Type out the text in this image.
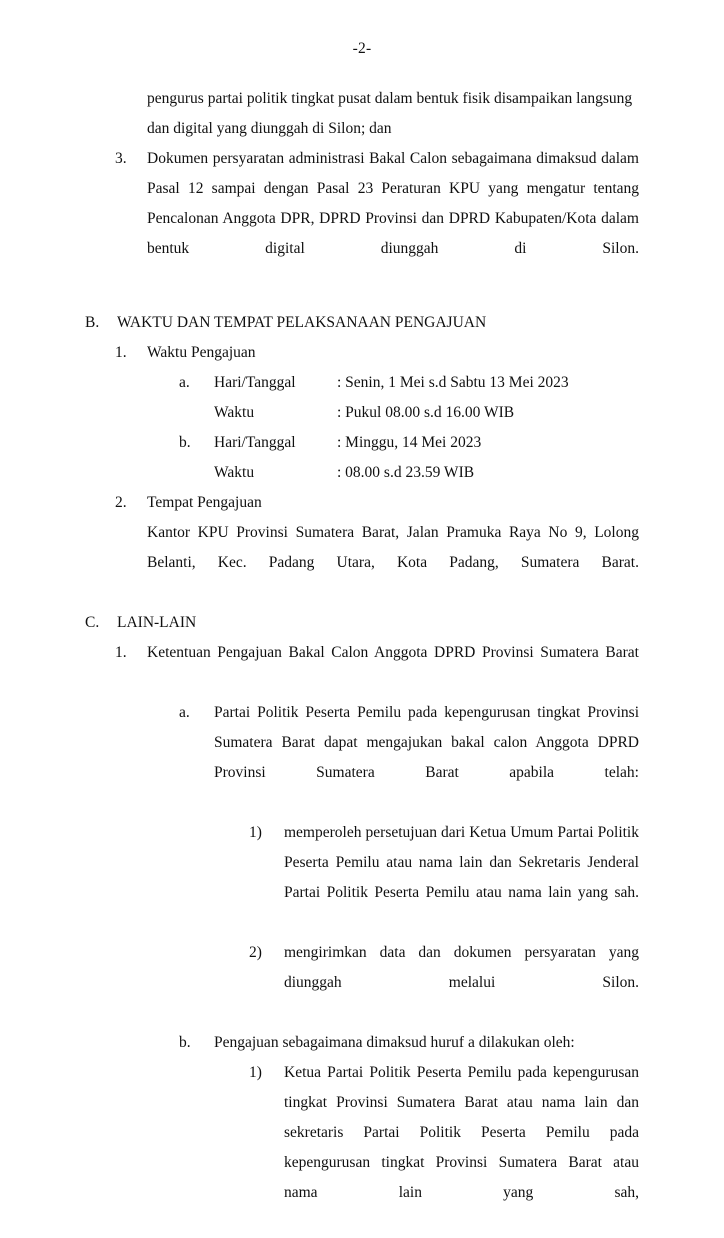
-2-

pengurus partai politik tingkat pusat dalam bentuk fisik disampaikan langsung dan digital yang diunggah di Silon; dan

3.	Dokumen persyaratan administrasi Bakal Calon sebagaimana dimaksud dalam Pasal 12 sampai dengan Pasal 23 Peraturan KPU yang mengatur tentang Pencalonan Anggota DPR, DPRD Provinsi dan DPRD Kabupaten/Kota dalam bentuk digital diunggah di Silon.

B.	WAKTU DAN TEMPAT PELAKSANAAN PENGAJUAN
1.	Waktu Pengajuan
a.	Hari/Tanggal	: Senin, 1 Mei s.d Sabtu 13 Mei 2023
Waktu	: Pukul 08.00 s.d 16.00 WIB
b.	Hari/Tanggal	: Minggu, 14 Mei 2023
Waktu	: 08.00 s.d 23.59 WIB
2.	Tempat Pengajuan

Kantor KPU Provinsi Sumatera Barat, Jalan Pramuka Raya No 9, Lolong Belanti, Kec. Padang Utara, Kota Padang, Sumatera Barat.

C.	LAIN-LAIN
1.	Ketentuan Pengajuan Bakal Calon Anggota DPRD Provinsi Sumatera Barat

a.	Partai Politik Peserta Pemilu pada kepengurusan tingkat Provinsi Sumatera Barat dapat mengajukan bakal calon Anggota DPRD Provinsi Sumatera Barat apabila telah:

1)	memperoleh persetujuan dari Ketua Umum Partai Politik Peserta Pemilu atau nama lain dan Sekretaris Jenderal Partai Politik Peserta Pemilu atau nama lain yang sah.

2)	mengirimkan data dan dokumen persyaratan yang diunggah melalui Silon.

b.	Pengajuan sebagaimana dimaksud huruf a dilakukan oleh:

1)	Ketua Partai Politik Peserta Pemilu pada kepengurusan tingkat Provinsi Sumatera Barat atau nama lain dan sekretaris Partai Politik Peserta Pemilu pada kepengurusan tingkat Provinsi Sumatera Barat atau nama lain yang sah,
